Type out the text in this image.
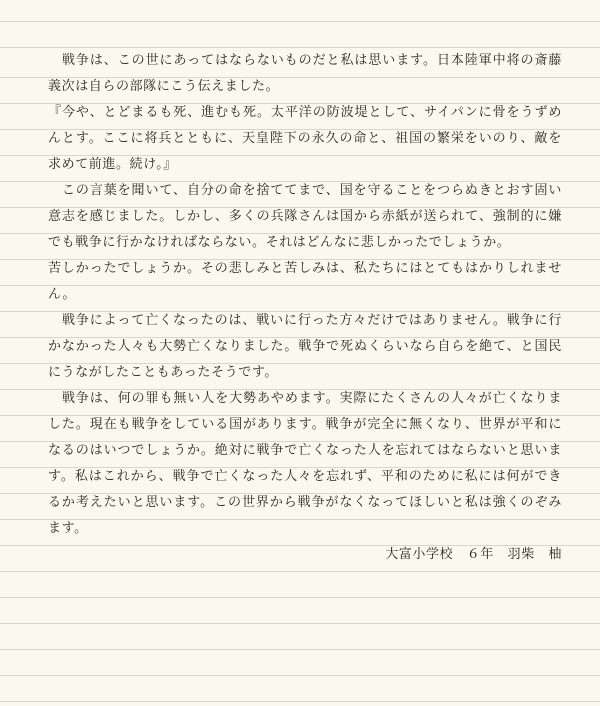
戦争は、この世にあってはならないものだと私は思います。日本陸軍中将の斎藤義次は自らの部隊にこう伝えました。

『今や、とどまるも死、進むも死。太平洋の防波堤として、サイパンに骨をうずめんとす。ここに将兵とともに、天皇陛下の永久の命と、祖国の繁栄をいのり、敵を求めて前進。続け。』

この言葉を聞いて、自分の命を捨ててまで、国を守ることをつらぬきとおす固い意志を感じました。しかし、多くの兵隊さんは国から赤紙が送られて、強制的に嫌でも戦争に行かなければならない。それはどんなに悲しかったでしょうか。

苦しかったでしょうか。その悲しみと苦しみは、私たちにはとてもはかりしれません。

戦争によって亡くなったのは、戦いに行った方々だけではありません。戦争に行かなかった人々も大勢亡くなりました。戦争で死ぬくらいなら自らを絶て、と国民にうながしたこともあったそうです。

戦争は、何の罪も無い人を大勢あやめます。実際にたくさんの人々が亡くなりました。現在も戦争をしている国があります。戦争が完全に無くなり、世界が平和になるのはいつでしょうか。絶対に戦争で亡くなった人を忘れてはならないと思います。私はこれから、戦争で亡くなった人々を忘れず、平和のために私には何ができるか考えたいと思います。この世界から戦争がなくなってほしいと私は強くのぞみます。

大富小学校　６年　羽柴　柚
